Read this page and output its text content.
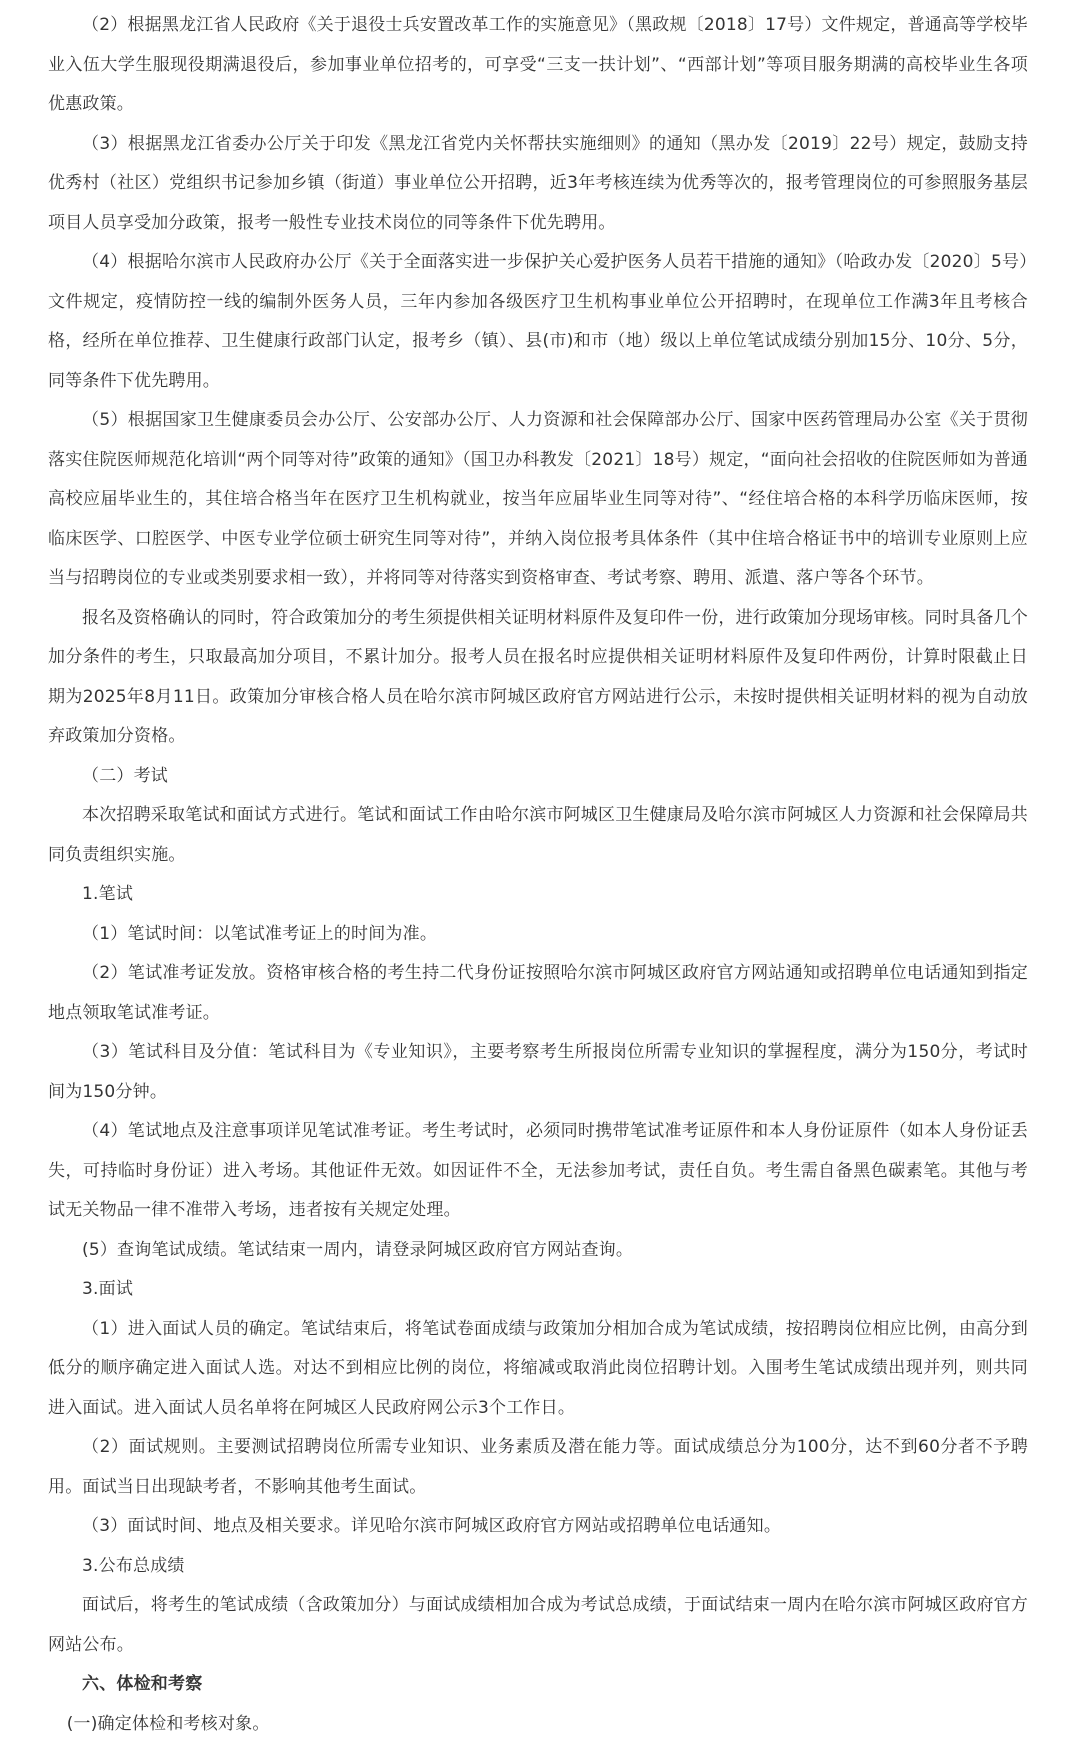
（2）根据黑龙江省人民政府《关于退役士兵安置改革工作的实施意见》（黑政规〔2018〕17号）文件规定，普通高等学校毕业入伍大学生服现役期满退役后，参加事业单位招考的，可享受“三支一扶计划”、“西部计划”等项目服务期满的高校毕业生各项优惠政策。

（3）根据黑龙江省委办公厅关于印发《黑龙江省党内关怀帮扶实施细则》的通知（黑办发〔2019〕22号）规定，鼓励支持优秀村（社区）党组织书记参加乡镇（街道）事业单位公开招聘，近3年考核连续为优秀等次的，报考管理岗位的可参照服务基层项目人员享受加分政策，报考一般性专业技术岗位的同等条件下优先聘用。

（4）根据哈尔滨市人民政府办公厅《关于全面落实进一步保护关心爱护医务人员若干措施的通知》（哈政办发〔2020〕5号）文件规定，疫情防控一线的编制外医务人员，三年内参加各级医疗卫生机构事业单位公开招聘时，在现单位工作满3年且考核合格，经所在单位推荐、卫生健康行政部门认定，报考乡（镇）、县(市)和市（地）级以上单位笔试成绩分别加15分、10分、5分，同等条件下优先聘用。

（5）根据国家卫生健康委员会办公厅、公安部办公厅、人力资源和社会保障部办公厅、国家中医药管理局办公室《关于贯彻落实住院医师规范化培训“两个同等对待”政策的通知》（国卫办科教发〔2021〕18号）规定，“面向社会招收的住院医师如为普通高校应届毕业生的，其住培合格当年在医疗卫生机构就业，按当年应届毕业生同等对待”、“经住培合格的本科学历临床医师，按临床医学、口腔医学、中医专业学位硕士研究生同等对待”，并纳入岗位报考具体条件（其中住培合格证书中的培训专业原则上应当与招聘岗位的专业或类别要求相一致），并将同等对待落实到资格审查、考试考察、聘用、派遣、落户等各个环节。

报名及资格确认的同时，符合政策加分的考生须提供相关证明材料原件及复印件一份，进行政策加分现场审核。同时具备几个加分条件的考生，只取最高加分项目，不累计加分。报考人员在报名时应提供相关证明材料原件及复印件两份，计算时限截止日期为2025年8月11日。政策加分审核合格人员在哈尔滨市阿城区政府官方网站进行公示，未按时提供相关证明材料的视为自动放弃政策加分资格。

（二）考试

本次招聘采取笔试和面试方式进行。笔试和面试工作由哈尔滨市阿城区卫生健康局及哈尔滨市阿城区人力资源和社会保障局共同负责组织实施。

1.笔试

（1）笔试时间：以笔试准考证上的时间为准。

（2）笔试准考证发放。资格审核合格的考生持二代身份证按照哈尔滨市阿城区政府官方网站通知或招聘单位电话通知到指定地点领取笔试准考证。

（3）笔试科目及分值：笔试科目为《专业知识》，主要考察考生所报岗位所需专业知识的掌握程度，满分为150分，考试时间为150分钟。

（4）笔试地点及注意事项详见笔试准考证。考生考试时，必须同时携带笔试准考证原件和本人身份证原件（如本人身份证丢失，可持临时身份证）进入考场。其他证件无效。如因证件不全，无法参加考试，责任自负。考生需自备黑色碳素笔。其他与考试无关物品一律不准带入考场，违者按有关规定处理。

(5）查询笔试成绩。笔试结束一周内，请登录阿城区政府官方网站查询。

3.面试

（1）进入面试人员的确定。笔试结束后，将笔试卷面成绩与政策加分相加合成为笔试成绩，按招聘岗位相应比例，由高分到低分的顺序确定进入面试人选。对达不到相应比例的岗位，将缩减或取消此岗位招聘计划。入围考生笔试成绩出现并列，则共同进入面试。进入面试人员名单将在阿城区人民政府网公示3个工作日。

（2）面试规则。主要测试招聘岗位所需专业知识、业务素质及潜在能力等。面试成绩总分为100分，达不到60分者不予聘用。面试当日出现缺考者，不影响其他考生面试。

（3）面试时间、地点及相关要求。详见哈尔滨市阿城区政府官方网站或招聘单位电话通知。

3.公布总成绩

面试后，将考生的笔试成绩（含政策加分）与面试成绩相加合成为考试总成绩，于面试结束一周内在哈尔滨市阿城区政府官方网站公布。

六、体检和考察

(一)确定体检和考核对象。
